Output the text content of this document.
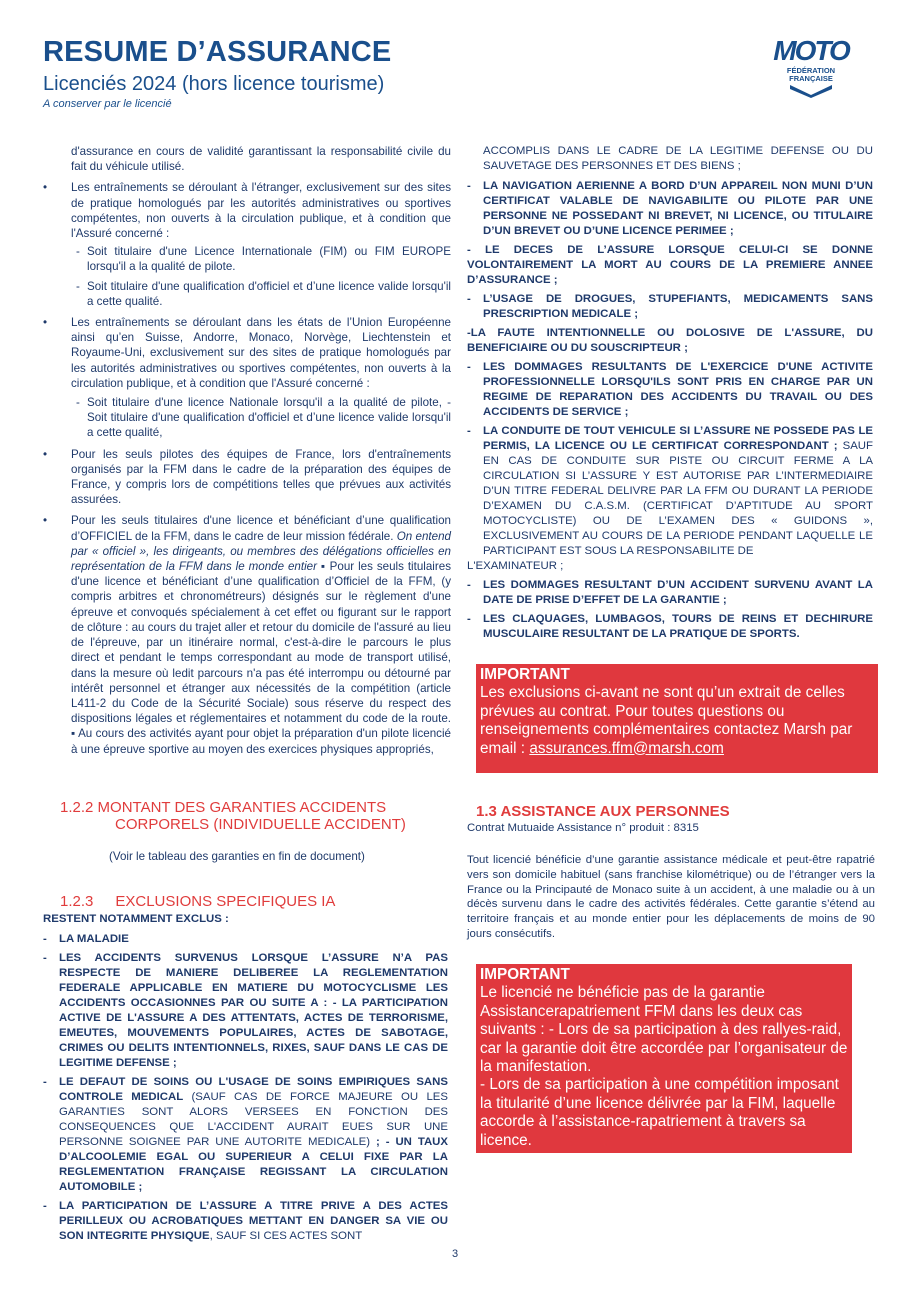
RESUME D’ASSURANCE
Licenciés 2024 (hors licence tourisme)
A conserver par le licencié
MOTO
FÉDÉRATION
FRANÇAISE

d'assurance en cours de validité garantissant la responsabilité civile du fait du véhicule utilisé.

• Les entraînements se déroulant à l'étranger, exclusivement sur des sites de pratique homologués par les autorités administratives ou sportives compétentes, non ouverts à la circulation publique, et à condition que l'Assuré concerné :
- Soit titulaire d'une Licence Internationale (FIM) ou FIM EUROPE lorsqu'il a la qualité de pilote.
- Soit titulaire d'une qualification d'officiel et d’une licence valide lorsqu'il a cette qualité.
• Les entraînements se déroulant dans les états de l’Union Européenne ainsi qu’en Suisse, Andorre, Monaco, Norvège, Liechtenstein et Royaume-Uni, exclusivement sur des sites de pratique homologués par les autorités administratives ou sportives compétentes, non ouverts à la circulation publique, et à condition que l'Assuré concerné :
- Soit titulaire d'une licence Nationale lorsqu'il a la qualité de pilote, - Soit titulaire d'une qualification d'officiel et d’une licence valide lorsqu'il a cette qualité,
• Pour les seuls pilotes des équipes de France, lors d'entraînements organisés par la FFM dans le cadre de la préparation des équipes de France, y compris lors de compétitions telles que prévues aux activités assurées.
• Pour les seuls titulaires d'une licence et bénéficiant d’une qualification d’OFFICIEL de la FFM, dans le cadre de leur mission fédérale. On entend par « officiel », les dirigeants, ou membres des délégations officielles en représentation de la FFM dans le monde entier ▪ Pour les seuls titulaires d'une licence et bénéficiant d’une qualification d’Officiel de la FFM, (y compris arbitres et chronométreurs) désignés sur le règlement d'une épreuve et convoqués spécialement à cet effet ou figurant sur le rapport de clôture : au cours du trajet aller et retour du domicile de l'assuré au lieu de l'épreuve, par un itinéraire normal, c'est-à-dire le parcours le plus direct et pendant le temps correspondant au mode de transport utilisé, dans la mesure où ledit parcours n'a pas été interrompu ou détourné par intérêt personnel et étranger aux nécessités de la compétition (article L411-2 du Code de la Sécurité Sociale) sous réserve du respect des dispositions légales et réglementaires et notamment du code de la route. ▪ Au cours des activités ayant pour objet la préparation d'un pilote licencié à une épreuve sportive au moyen des exercices physiques appropriés,
1.2.2 MONTANT DES GARANTIES ACCIDENTS
CORPORELS (INDIVIDUELLE ACCIDENT)
(Voir le tableau des garanties en fin de document)
1.2.3 EXCLUSIONS SPECIFIQUES IA
RESTENT NOTAMMENT EXCLUS :
- LA MALADIE
- LES ACCIDENTS SURVENUS LORSQUE L’ASSURE N’A PAS RESPECTE DE MANIERE DELIBEREE LA REGLEMENTATION FEDERALE APPLICABLE EN MATIERE DU MOTOCYCLISME LES ACCIDENTS OCCASIONNES PAR OU SUITE A : - LA PARTICIPATION ACTIVE DE L'ASSURE A DES ATTENTATS, ACTES DE TERRORISME, EMEUTES, MOUVEMENTS POPULAIRES, ACTES DE SABOTAGE, CRIMES OU DELITS INTENTIONNELS, RIXES, SAUF DANS LE CAS DE LEGITIME DEFENSE ;
- LE DEFAUT DE SOINS OU L'USAGE DE SOINS EMPIRIQUES SANS CONTROLE MEDICAL (SAUF CAS DE FORCE MAJEURE OU LES GARANTIES SONT ALORS VERSEES EN FONCTION DES CONSEQUENCES QUE L'ACCIDENT AURAIT EUES SUR UNE PERSONNE SOIGNEE PAR UNE AUTORITE MEDICALE) ; - UN TAUX D’ALCOOLEMIE EGAL OU SUPERIEUR A CELUI FIXE PAR LA REGLEMENTATION FRANÇAISE REGISSANT LA CIRCULATION AUTOMOBILE ;
- LA PARTICIPATION DE L’ASSURE A TITRE PRIVE A DES ACTES PERILLEUX OU ACROBATIQUES METTANT EN DANGER SA VIE OU SON INTEGRITE PHYSIQUE, SAUF SI CES ACTES SONT

ACCOMPLIS DANS LE CADRE DE LA LEGITIME DEFENSE OU DU SAUVETAGE DES PERSONNES ET DES BIENS ;

- LA NAVIGATION AERIENNE A BORD D’UN APPAREIL NON MUNI D’UN CERTIFICAT VALABLE DE NAVIGABILITE OU PILOTE PAR UNE PERSONNE NE POSSEDANT NI BREVET, NI LICENCE, OU TITULAIRE D’UN BREVET OU D’UNE LICENCE PERIMEE ;

- LE DECES DE L’ASSURE LORSQUE CELUI-CI SE DONNE VOLONTAIREMENT LA MORT AU COURS DE LA PREMIERE ANNEE D’ASSURANCE ;

- L’USAGE DE DROGUES, STUPEFIANTS, MEDICAMENTS SANS PRESCRIPTION MEDICALE ;

-LA FAUTE INTENTIONNELLE OU DOLOSIVE DE L'ASSURE, DU BENEFICIAIRE OU DU SOUSCRIPTEUR ;

- LES DOMMAGES RESULTANTS DE L'EXERCICE D'UNE ACTIVITE PROFESSIONNELLE LORSQU'ILS SONT PRIS EN CHARGE PAR UN REGIME DE REPARATION DES ACCIDENTS DU TRAVAIL OU DES ACCIDENTS DE SERVICE ;
- LA CONDUITE DE TOUT VEHICULE SI L’ASSURE NE POSSEDE PAS LE PERMIS, LA LICENCE OU LE CERTIFICAT CORRESPONDANT ; SAUF EN CAS DE CONDUITE SUR PISTE OU CIRCUIT FERME A LA CIRCULATION SI L’ASSURE Y EST AUTORISE PAR L’INTERMEDIAIRE D’UN TITRE FEDERAL DELIVRE PAR LA FFM OU DURANT LA PERIODE D’EXAMEN DU C.A.S.M. (CERTIFICAT D’APTITUDE AU SPORT MOTOCYCLISTE) OU DE L’EXAMEN DES « GUIDONS », EXCLUSIVEMENT AU COURS DE LA PERIODE PENDANT LAQUELLE LE PARTICIPANT EST SOUS LA RESPONSABILITE DE

L'EXAMINATEUR ;

- LES DOMMAGES RESULTANT D’UN ACCIDENT SURVENU AVANT LA DATE DE PRISE D’EFFET DE LA GARANTIE ;
- LES CLAQUAGES, LUMBAGOS, TOURS DE REINS ET DECHIRURE MUSCULAIRE RESULTANT DE LA PRATIQUE DE SPORTS.
IMPORTANT
Les exclusions ci-avant ne sont qu’un extrait de celles prévues au contrat. Pour toutes questions ou renseignements complémentaires contactez Marsh par email : assurances.ffm@marsh.com
1.3 ASSISTANCE AUX PERSONNES
Contrat Mutuaide Assistance n° produit : 8315

Tout licencié bénéficie d’une garantie assistance médicale et peut-être rapatrié vers son domicile habituel (sans franchise kilométrique) ou de l’étranger vers la France ou la Principauté de Monaco suite à un accident, à une maladie ou à un décès survenu dans le cadre des activités fédérales. Cette garantie s’étend au territoire français et au monde entier pour les déplacements de moins de 90 jours consécutifs.

IMPORTANT
Le licencié ne bénéficie pas de la garantie Assistancerapatriement FFM dans les deux cas suivants : - Lors de sa participation à des rallyes-raid, car la garantie doit être accordée par l’organisateur de la manifestation.
- Lors de sa participation à une compétition imposant la titularité d’une licence délivrée par la FIM, laquelle accorde à l’assistance-rapatriement à travers sa licence.
3
